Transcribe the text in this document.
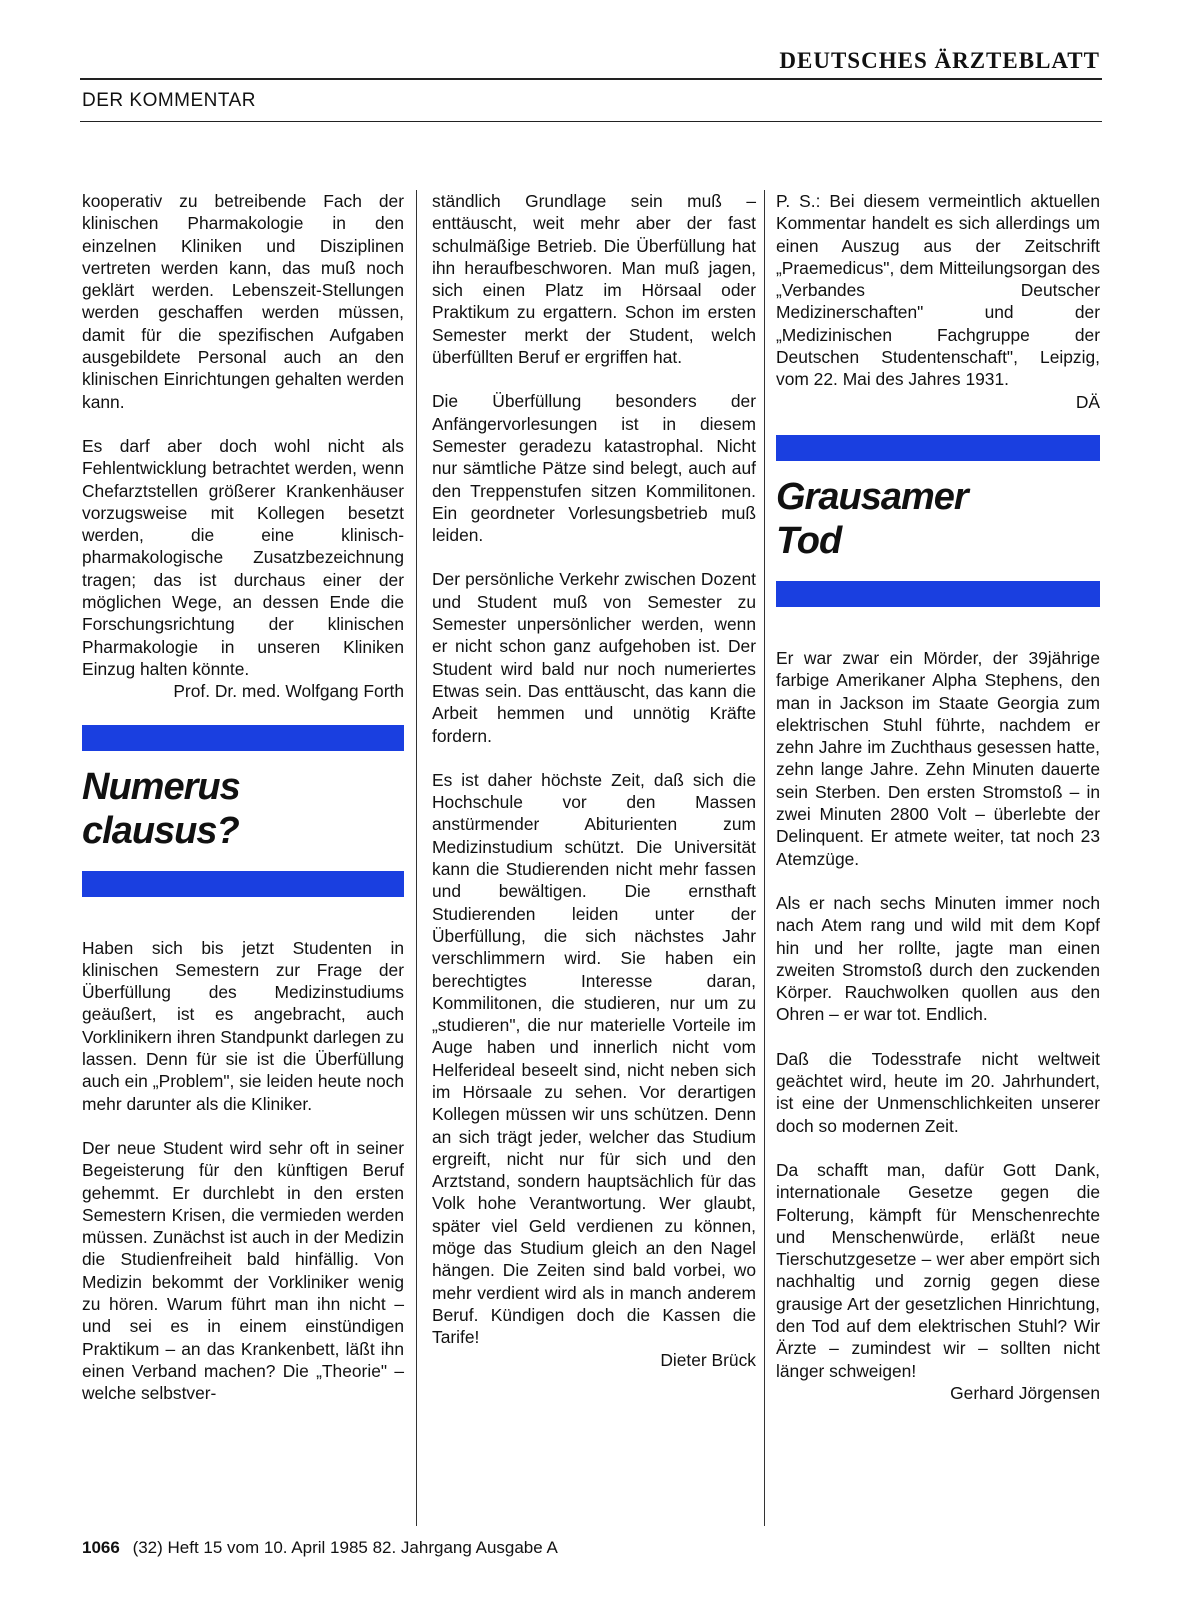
DEUTSCHES ÄRZTEBLATT
DER KOMMENTAR

kooperativ zu betreibende Fach der klinischen Pharmakologie in den einzelnen Kliniken und Disziplinen vertreten werden kann, das muß noch geklärt werden. Lebenszeit-Stellungen werden geschaffen werden müssen, damit für die spezifischen Aufgaben ausgebildete Personal auch an den klinischen Einrichtungen gehalten werden kann.

Es darf aber doch wohl nicht als Fehlentwicklung betrachtet werden, wenn Chefarztstellen größerer Krankenhäuser vorzugsweise mit Kollegen besetzt werden, die eine klinisch-pharmakologische Zusatzbezeichnung tragen; das ist durchaus einer der möglichen Wege, an dessen Ende die Forschungsrichtung der klinischen Pharmakologie in unseren Kliniken Einzug halten könnte.

Prof. Dr. med. Wolfgang Forth
Numerus
clausus?

Haben sich bis jetzt Studenten in klinischen Semestern zur Frage der Überfüllung des Medizinstudiums geäußert, ist es angebracht, auch Vorklinikern ihren Standpunkt darlegen zu lassen. Denn für sie ist die Überfüllung auch ein „Problem", sie leiden heute noch mehr darunter als die Kliniker.

Der neue Student wird sehr oft in seiner Begeisterung für den künftigen Beruf gehemmt. Er durchlebt in den ersten Semestern Krisen, die vermieden werden müssen. Zunächst ist auch in der Medizin die Studienfreiheit bald hinfällig. Von Medizin bekommt der Vorkliniker wenig zu hören. Warum führt man ihn nicht – und sei es in einem einstündigen Praktikum – an das Krankenbett, läßt ihn einen Verband machen? Die „Theorie" – welche selbstver-

ständlich Grundlage sein muß – enttäuscht, weit mehr aber der fast schulmäßige Betrieb. Die Überfüllung hat ihn heraufbeschworen. Man muß jagen, sich einen Platz im Hörsaal oder Praktikum zu ergattern. Schon im ersten Semester merkt der Student, welch überfüllten Beruf er ergriffen hat.

Die Überfüllung besonders der Anfängervorlesungen ist in diesem Semester geradezu katastrophal. Nicht nur sämtliche Pätze sind belegt, auch auf den Treppenstufen sitzen Kommilitonen. Ein geordneter Vorlesungsbetrieb muß leiden.

Der persönliche Verkehr zwischen Dozent und Student muß von Semester zu Semester unpersönlicher werden, wenn er nicht schon ganz aufgehoben ist. Der Student wird bald nur noch numeriertes Etwas sein. Das enttäuscht, das kann die Arbeit hemmen und unnötig Kräfte fordern.

Es ist daher höchste Zeit, daß sich die Hochschule vor den Massen anstürmender Abiturienten zum Medizinstudium schützt. Die Universität kann die Studierenden nicht mehr fassen und bewältigen. Die ernsthaft Studierenden leiden unter der Überfüllung, die sich nächstes Jahr verschlimmern wird. Sie haben ein berechtigtes Interesse daran, Kommilitonen, die studieren, nur um zu „studieren", die nur materielle Vorteile im Auge haben und innerlich nicht vom Helferideal beseelt sind, nicht neben sich im Hörsaale zu sehen. Vor derartigen Kollegen müssen wir uns schützen. Denn an sich trägt jeder, welcher das Studium ergreift, nicht nur für sich und den Arztstand, sondern hauptsächlich für das Volk hohe Verantwortung. Wer glaubt, später viel Geld verdienen zu können, möge das Studium gleich an den Nagel hängen. Die Zeiten sind bald vorbei, wo mehr verdient wird als in manch anderem Beruf. Kündigen doch die Kassen die Tarife!

Dieter Brück

P. S.: Bei diesem vermeintlich aktuellen Kommentar handelt es sich allerdings um einen Auszug aus der Zeitschrift „Praemedicus", dem Mitteilungsorgan des „Verbandes Deutscher Medizinerschaften" und der „Medizinischen Fachgruppe der Deutschen Studentenschaft", Leipzig, vom 22. Mai des Jahres 1931.

DÄ
Grausamer
Tod

Er war zwar ein Mörder, der 39jährige farbige Amerikaner Alpha Stephens, den man in Jackson im Staate Georgia zum elektrischen Stuhl führte, nachdem er zehn Jahre im Zuchthaus gesessen hatte, zehn lange Jahre. Zehn Minuten dauerte sein Sterben. Den ersten Stromstoß – in zwei Minuten 2800 Volt – überlebte der Delinquent. Er atmete weiter, tat noch 23 Atemzüge.

Als er nach sechs Minuten immer noch nach Atem rang und wild mit dem Kopf hin und her rollte, jagte man einen zweiten Stromstoß durch den zuckenden Körper. Rauchwolken quollen aus den Ohren – er war tot. Endlich.

Daß die Todesstrafe nicht weltweit geächtet wird, heute im 20. Jahrhundert, ist eine der Unmenschlichkeiten unserer doch so modernen Zeit.

Da schafft man, dafür Gott Dank, internationale Gesetze gegen die Folterung, kämpft für Menschenrechte und Menschenwürde, erläßt neue Tierschutzgesetze – wer aber empört sich nachhaltig und zornig gegen diese grausige Art der gesetzlichen Hinrichtung, den Tod auf dem elektrischen Stuhl? Wir Ärzte – zumindest wir – sollten nicht länger schweigen!

Gerhard Jörgensen
1066 (32) Heft 15 vom 10. April 1985 82. Jahrgang Ausgabe A
